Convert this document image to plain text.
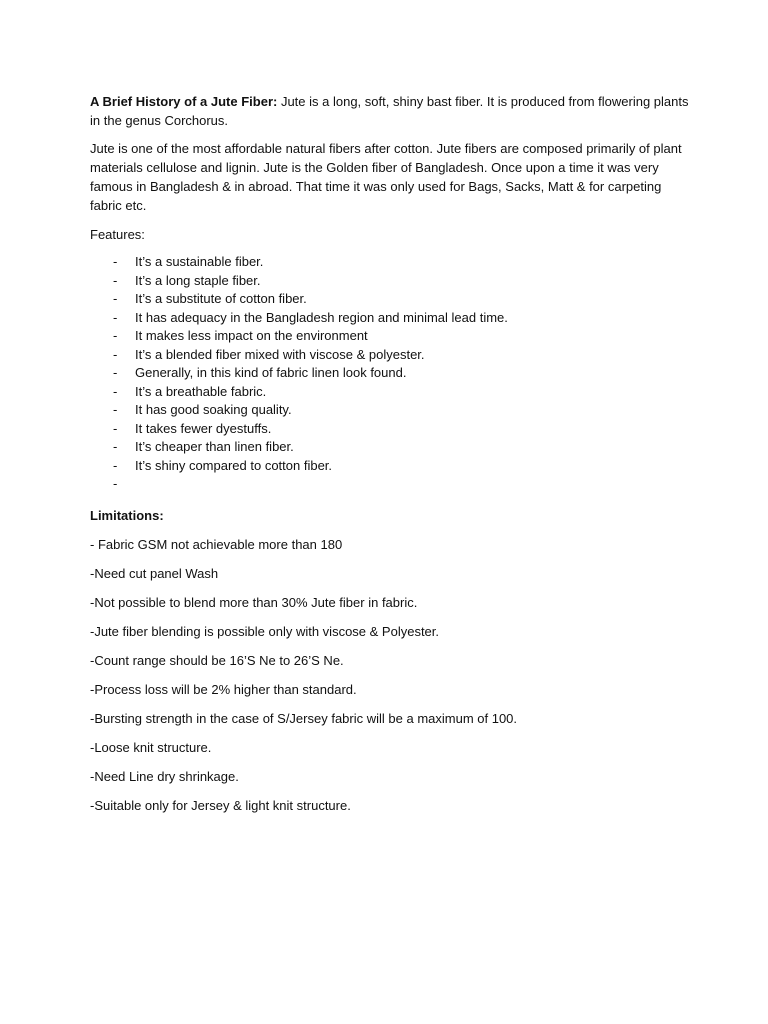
A Brief History of a Jute Fiber: Jute is a long, soft, shiny bast fiber. It is produced from flowering plants in the genus Corchorus.

Jute is one of the most affordable natural fibers after cotton. Jute fibers are composed primarily of plant materials cellulose and lignin. Jute is the Golden fiber of Bangladesh. Once upon a time it was very famous in Bangladesh & in abroad. That time it was only used for Bags, Sacks, Matt & for carpeting fabric etc.

Features:

- It’s a sustainable fiber.
- It’s a long staple fiber.
- It’s a substitute of cotton fiber.
- It has adequacy in the Bangladesh region and minimal lead time.
- It makes less impact on the environment
- It’s a blended fiber mixed with viscose & polyester.
- Generally, in this kind of fabric linen look found.
- It’s a breathable fabric.
- It has good soaking quality.
- It takes fewer dyestuffs.
- It’s cheaper than linen fiber.
- It’s shiny compared to cotton fiber.
-

Limitations:

- Fabric GSM not achievable more than 180

-Need cut panel Wash

-Not possible to blend more than 30% Jute fiber in fabric.

-Jute fiber blending is possible only with viscose & Polyester.

-Count range should be 16’S Ne to 26’S Ne.

-Process loss will be 2% higher than standard.

-Bursting strength in the case of S/Jersey fabric will be a maximum of 100.

-Loose knit structure.

-Need Line dry shrinkage.

-Suitable only for Jersey & light knit structure.
